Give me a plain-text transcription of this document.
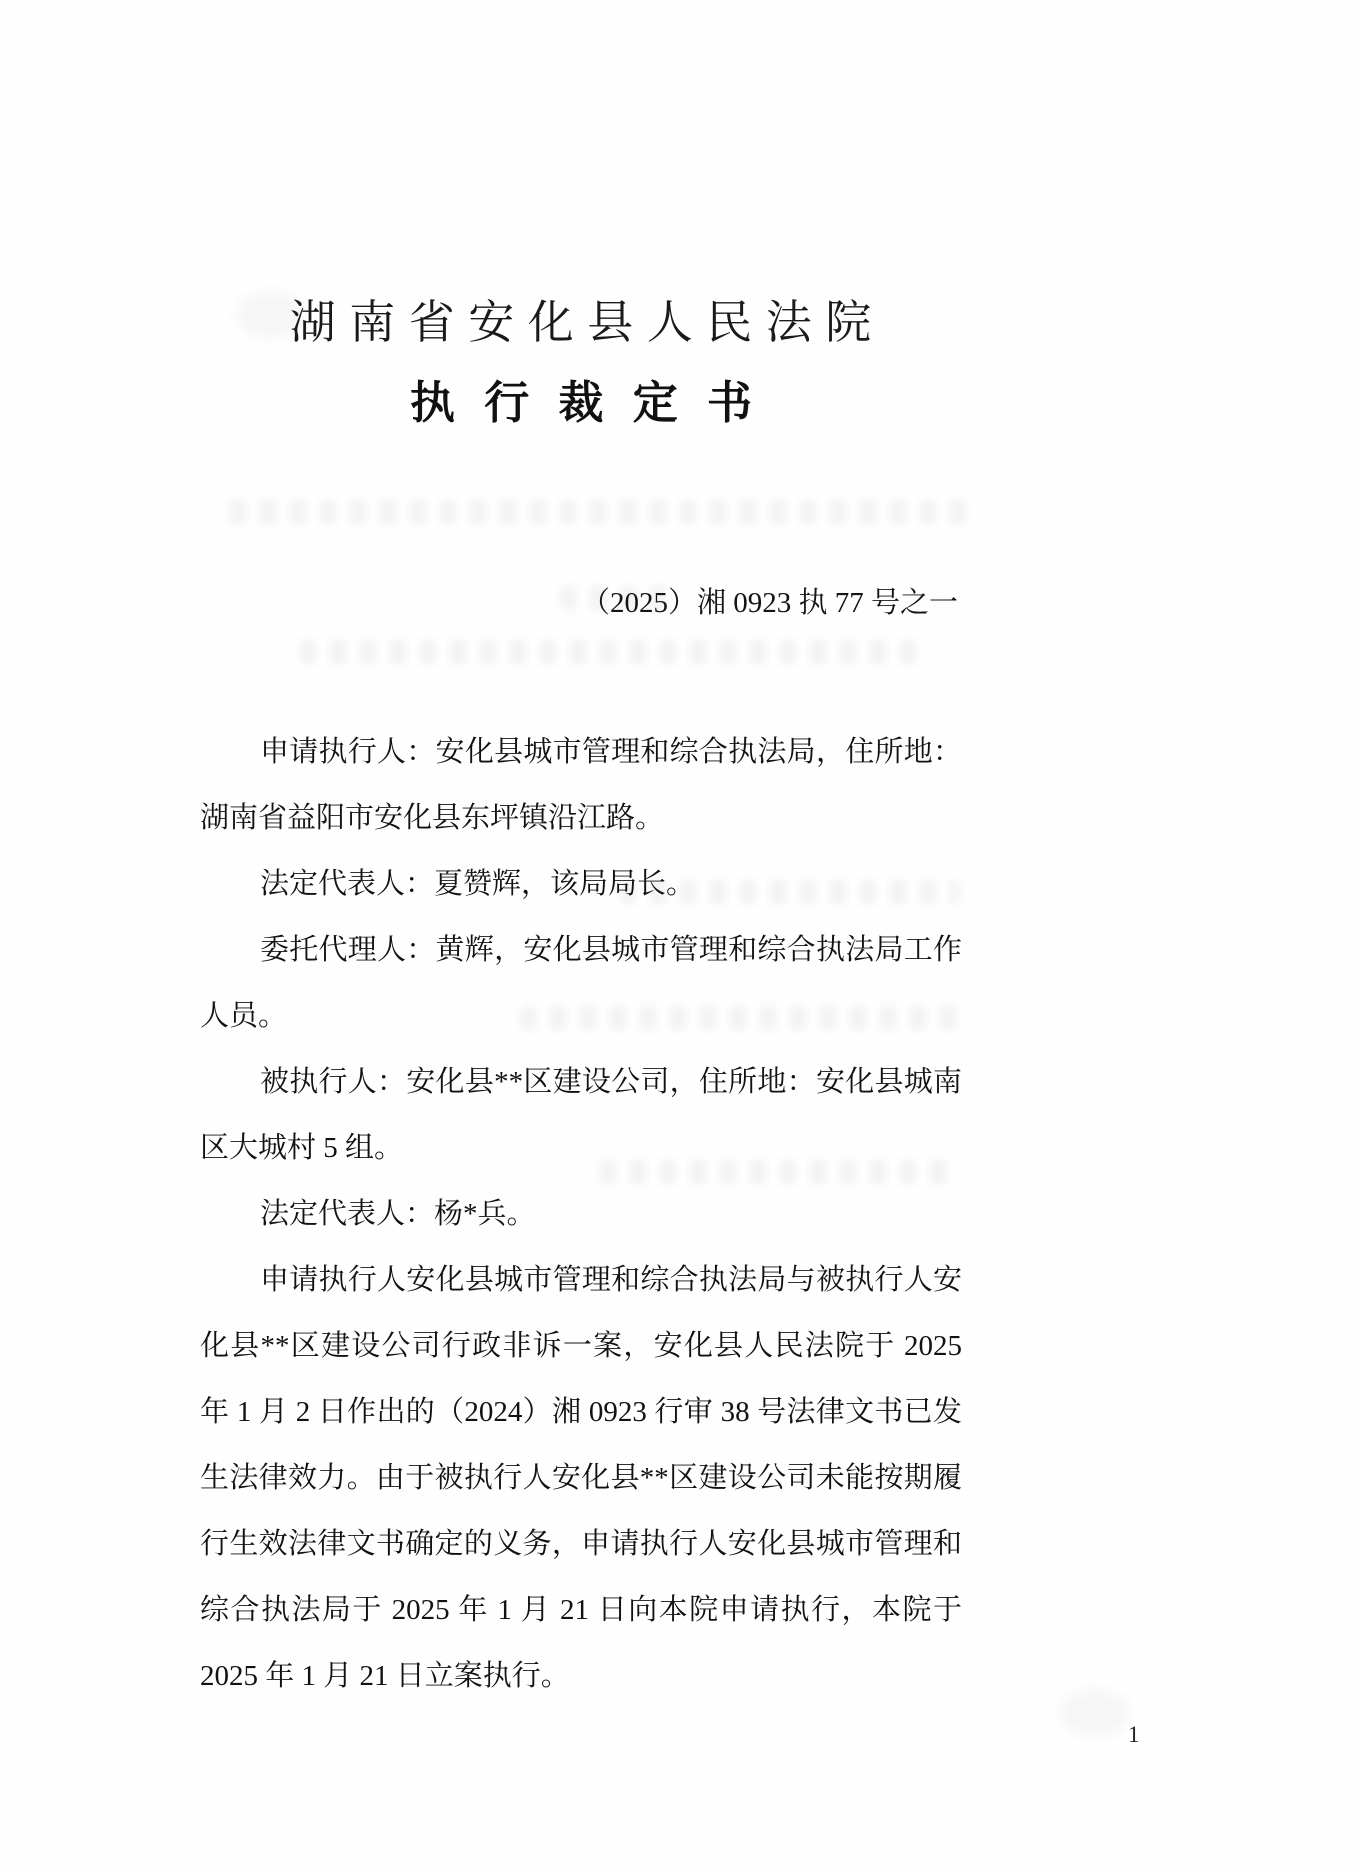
湖 南 省 安 化 县 人 民 法 院
执 行 裁 定 书
（2025）湘 0923 执 77 号之一

申请执行人：安化县城市管理和综合执法局，住所地：湖南省益阳市安化县东坪镇沿江路。

法定代表人：夏赞辉，该局局长。

委托代理人：黄辉，安化县城市管理和综合执法局工作人员。

被执行人：安化县**区建设公司，住所地：安化县城南区大城村 5 组。

法定代表人：杨*兵。

申请执行人安化县城市管理和综合执法局与被执行人安化县**区建设公司行政非诉一案，安化县人民法院于 2025 年 1 月 2 日作出的（2024）湘 0923 行审 38 号法律文书已发生法律效力。由于被执行人安化县**区建设公司未能按期履行生效法律文书确定的义务，申请执行人安化县城市管理和综合执法局于 2025 年 1 月 21 日向本院申请执行，本院于 2025 年 1 月 21 日立案执行。

1
